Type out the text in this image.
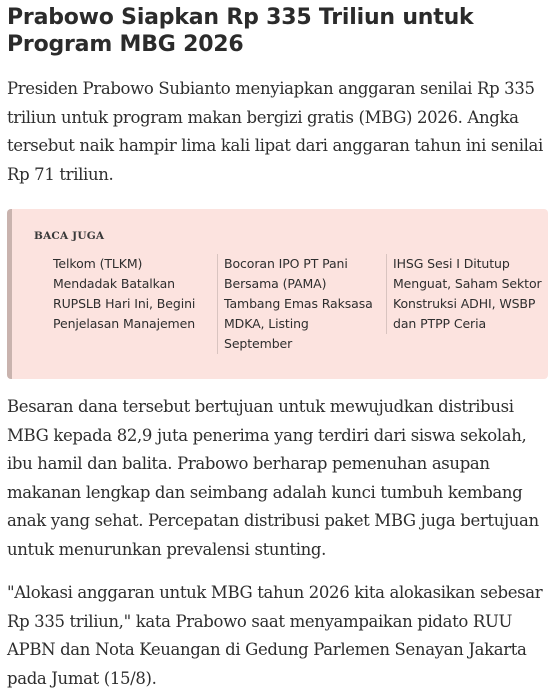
Prabowo Siapkan Rp 335 Triliun untuk Program MBG 2026

Presiden Prabowo Subianto menyiapkan anggaran senilai Rp 335 triliun untuk program makan bergizi gratis (MBG) 2026. Angka tersebut naik hampir lima kali lipat dari anggaran tahun ini senilai Rp 71 triliun.

BACA JUGA

Telkom (TLKM) Mendadak Batalkan RUPSLB Hari Ini, Begini Penjelasan Manajemen
Bocoran IPO PT Pani Bersama (PAMA) Tambang Emas Raksasa MDKA, Listing September
IHSG Sesi I Ditutup Menguat, Saham Sektor Konstruksi ADHI, WSBP dan PTPP Ceria

Besaran dana tersebut bertujuan untuk mewujudkan distribusi MBG kepada 82,9 juta penerima yang terdiri dari siswa sekolah, ibu hamil dan balita. Prabowo berharap pemenuhan asupan makanan lengkap dan seimbang adalah kunci tumbuh kembang anak yang sehat. Percepatan distribusi paket MBG juga bertujuan untuk menurunkan prevalensi stunting.

"Alokasi anggaran untuk MBG tahun 2026 kita alokasikan sebesar Rp 335 triliun," kata Prabowo saat menyampaikan pidato RUU APBN dan Nota Keuangan di Gedung Parlemen Senayan Jakarta pada Jumat (15/8).
